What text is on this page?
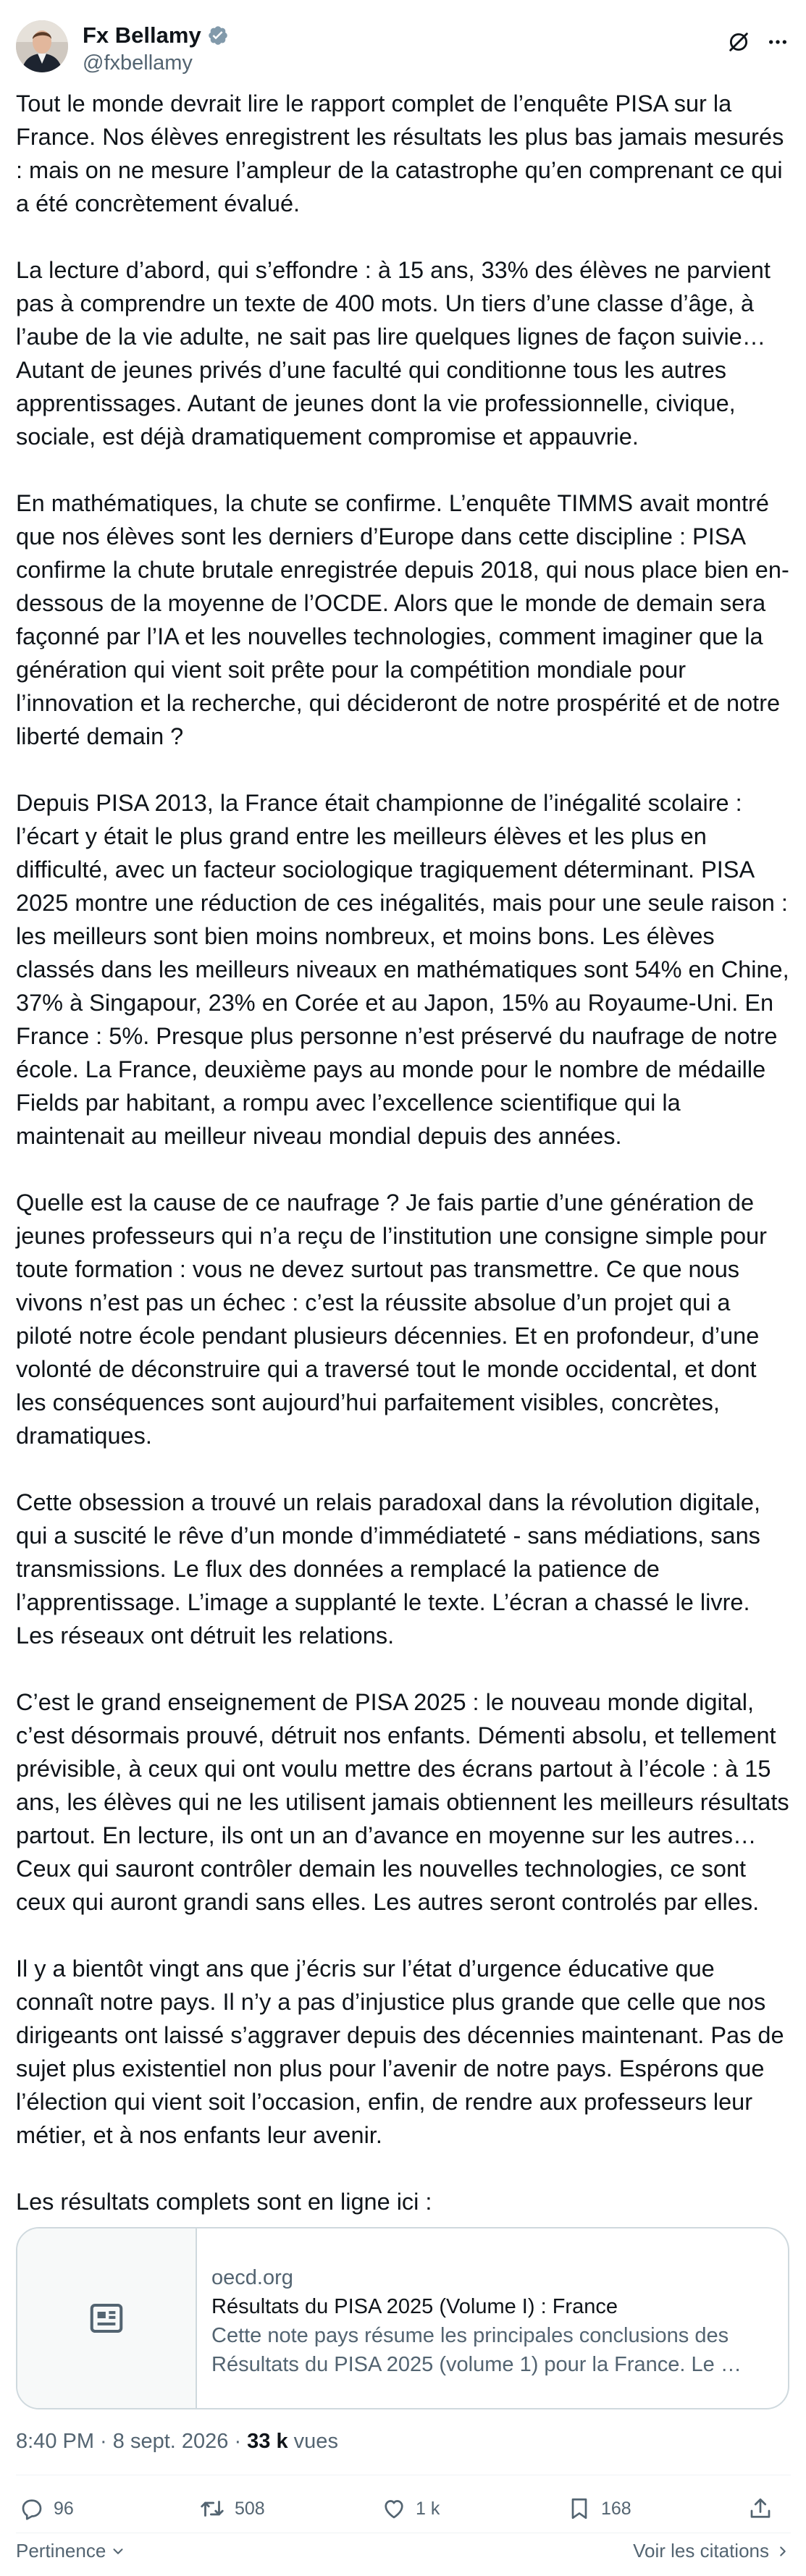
Fx Bellamy
@fxbellamy

Tout le monde devrait lire le rapport complet de l’enquête PISA sur la France. Nos élèves enregistrent les résultats les plus bas jamais mesurés : mais on ne mesure l’ampleur de la catastrophe qu’en comprenant ce qui a été concrètement évalué.

La lecture d’abord, qui s’effondre : à 15 ans, 33% des élèves ne parvient pas à comprendre un texte de 400 mots. Un tiers d’une classe d’âge, à l’aube de la vie adulte, ne sait pas lire quelques lignes de façon suivie… Autant de jeunes privés d’une faculté qui conditionne tous les autres apprentissages. Autant de jeunes dont la vie professionnelle, civique, sociale, est déjà dramatiquement compromise et appauvrie.

En mathématiques, la chute se confirme. L’enquête TIMMS avait montré que nos élèves sont les derniers d’Europe dans cette discipline : PISA confirme la chute brutale enregistrée depuis 2018, qui nous place bien en-dessous de la moyenne de l’OCDE. Alors que le monde de demain sera façonné par l’IA et les nouvelles technologies, comment imaginer que la génération qui vient soit prête pour la compétition mondiale pour l’innovation et la recherche, qui décideront de notre prospérité et de notre liberté demain ?

Depuis PISA 2013, la France était championne de l’inégalité scolaire : l’écart y était le plus grand entre les meilleurs élèves et les plus en difficulté, avec un facteur sociologique tragiquement déterminant. PISA 2025 montre une réduction de ces inégalités, mais pour une seule raison : les meilleurs sont bien moins nombreux, et moins bons. Les élèves classés dans les meilleurs niveaux en mathématiques sont 54% en Chine, 37% à Singapour, 23% en Corée et au Japon, 15% au Royaume-Uni. En France : 5%. Presque plus personne n’est préservé du naufrage de notre école. La France, deuxième pays au monde pour le nombre de médaille Fields par habitant, a rompu avec l’excellence scientifique qui la maintenait au meilleur niveau mondial depuis des années.

Quelle est la cause de ce naufrage ? Je fais partie d’une génération de jeunes professeurs qui n’a reçu de l’institution une consigne simple pour toute formation : vous ne devez surtout pas transmettre. Ce que nous vivons n’est pas un échec : c’est la réussite absolue d’un projet qui a piloté notre école pendant plusieurs décennies. Et en profondeur, d’une volonté de déconstruire qui a traversé tout le monde occidental, et dont les conséquences sont aujourd’hui parfaitement visibles, concrètes, dramatiques.

Cette obsession a trouvé un relais paradoxal dans la révolution digitale, qui a suscité le rêve d’un monde d’immédiateté - sans médiations, sans transmissions. Le flux des données a remplacé la patience de l’apprentissage. L’image a supplanté le texte. L’écran a chassé le livre. Les réseaux ont détruit les relations.

C’est le grand enseignement de PISA 2025 : le nouveau monde digital, c’est désormais prouvé, détruit nos enfants. Démenti absolu, et tellement prévisible, à ceux qui ont voulu mettre des écrans partout à l’école : à 15 ans, les élèves qui ne les utilisent jamais obtiennent les meilleurs résultats partout. En lecture, ils ont un an d’avance en moyenne sur les autres… Ceux qui sauront contrôler demain les nouvelles technologies, ce sont ceux qui auront grandi sans elles. Les autres seront controlés par elles.

Il y a bientôt vingt ans que j’écris sur l’état d’urgence éducative que connaît notre pays. Il n’y a pas d’injustice plus grande que celle que nos dirigeants ont laissé s’aggraver depuis des décennies maintenant. Pas de sujet plus existentiel non plus pour l’avenir de notre pays. Espérons que l’élection qui vient soit l’occasion, enfin, de rendre aux professeurs leur métier, et à nos enfants leur avenir.

Les résultats complets sont en ligne ici :

oecd.org
Résultats du PISA 2025 (Volume I) : France
Cette note pays résume les principales conclusions des Résultats du PISA 2025 (volume 1) pour la France. Le …
8:40 PM · 8 sept. 2026 · 33 k vues
96	508	1 k	168
Pertinence	Voir les citations
